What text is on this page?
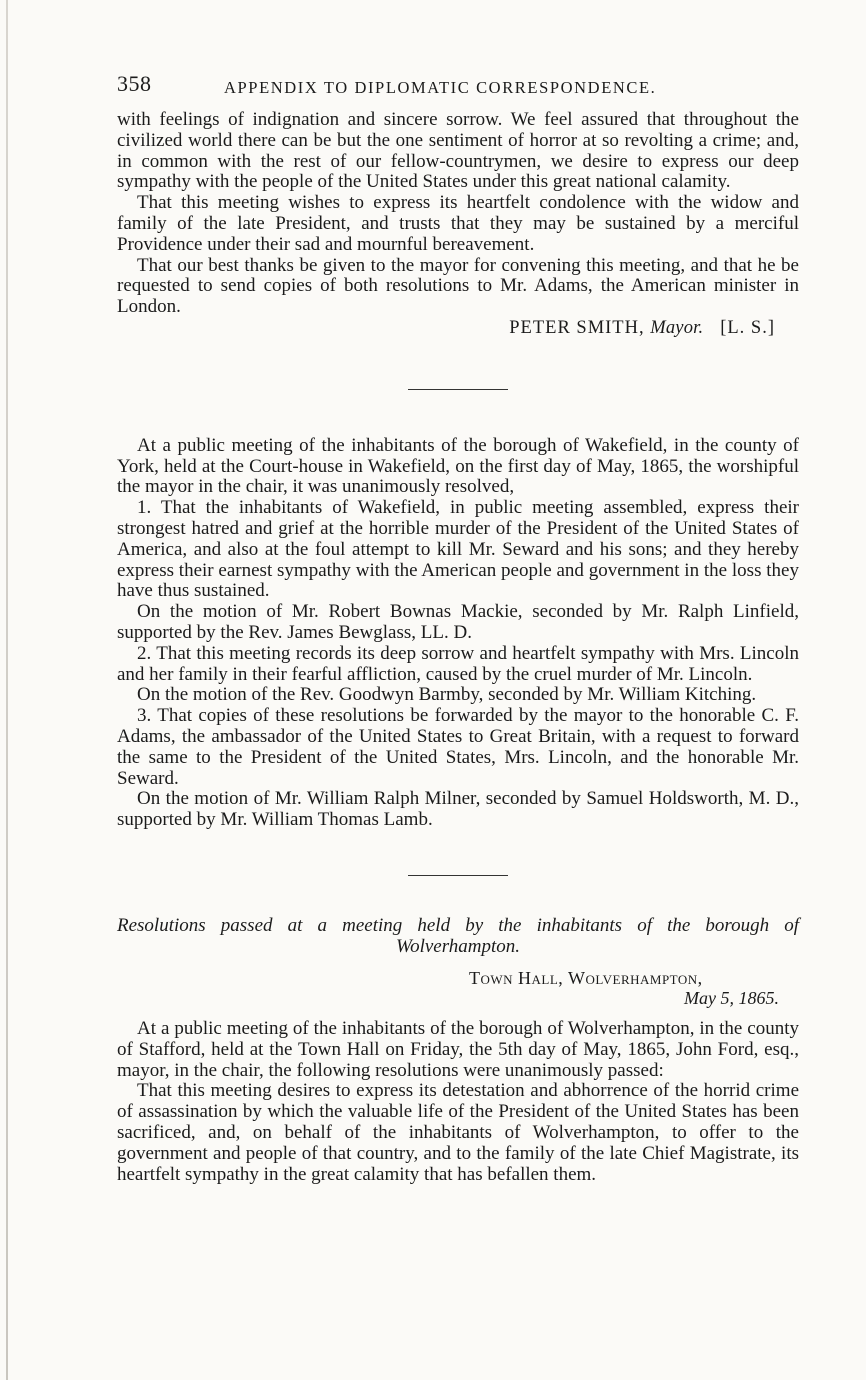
358	APPENDIX TO DIPLOMATIC CORRESPONDENCE.

with feelings of indignation and sincere sorrow. We feel assured that throughout the civilized world there can be but the one sentiment of horror at so revolting a crime; and, in common with the rest of our fellow-countrymen, we desire to express our deep sympathy with the people of the United States under this great national calamity.

That this meeting wishes to express its heartfelt condolence with the widow and family of the late President, and trusts that they may be sustained by a merciful Providence under their sad and mournful bereavement.

That our best thanks be given to the mayor for convening this meeting, and that he be requested to send copies of both resolutions to Mr. Adams, the American minister in London.

PETER SMITH, Mayor. [L. S.]

At a public meeting of the inhabitants of the borough of Wakefield, in the county of York, held at the Court-house in Wakefield, on the first day of May, 1865, the worshipful the mayor in the chair, it was unanimously resolved,

1. That the inhabitants of Wakefield, in public meeting assembled, express their strongest hatred and grief at the horrible murder of the President of the United States of America, and also at the foul attempt to kill Mr. Seward and his sons; and they hereby express their earnest sympathy with the American people and government in the loss they have thus sustained.

On the motion of Mr. Robert Bownas Mackie, seconded by Mr. Ralph Linfield, supported by the Rev. James Bewglass, LL. D.

2. That this meeting records its deep sorrow and heartfelt sympathy with Mrs. Lincoln and her family in their fearful affliction, caused by the cruel murder of Mr. Lincoln.

On the motion of the Rev. Goodwyn Barmby, seconded by Mr. William Kitching.

3. That copies of these resolutions be forwarded by the mayor to the honorable C. F. Adams, the ambassador of the United States to Great Britain, with a request to forward the same to the President of the United States, Mrs. Lincoln, and the honorable Mr. Seward.

On the motion of Mr. William Ralph Milner, seconded by Samuel Holdsworth, M. D., supported by Mr. William Thomas Lamb.

Resolutions passed at a meeting held by the inhabitants of the borough of
Wolverhampton.
Town Hall, Wolverhampton,
May 5, 1865.

At a public meeting of the inhabitants of the borough of Wolverhampton, in the county of Stafford, held at the Town Hall on Friday, the 5th day of May, 1865, John Ford, esq., mayor, in the chair, the following resolutions were unanimously passed:

That this meeting desires to express its detestation and abhorrence of the horrid crime of assassination by which the valuable life of the President of the United States has been sacrificed, and, on behalf of the inhabitants of Wolverhampton, to offer to the government and people of that country, and to the family of the late Chief Magistrate, its heartfelt sympathy in the great calamity that has befallen them.
